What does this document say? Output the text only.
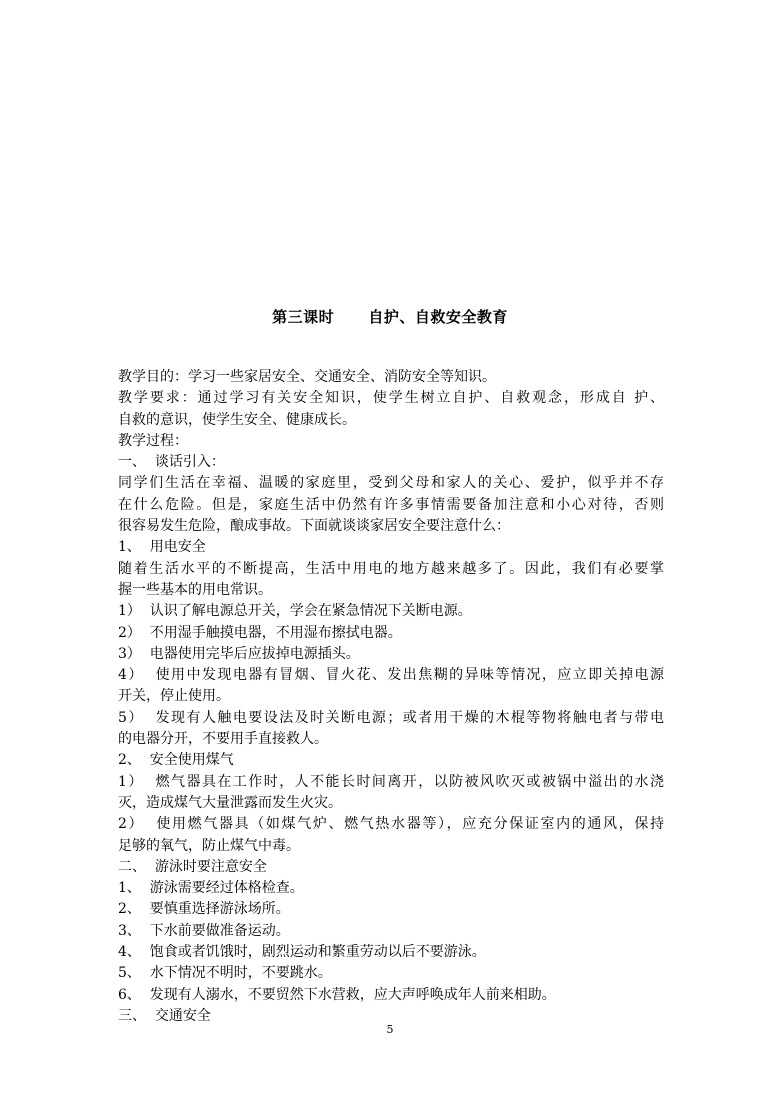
第三课时      自护、自救安全教育
教学目的：学习一些家居安全、交通安全、消防安全等知识。
教学要求：通过学习有关安全知识，使学生树立自护、自救观念，形成自 护、
自救的意识，使学生安全、健康成长。
教学过程：
一、  谈话引入：
同学们生活在幸福、温暖的家庭里，受到父母和家人的关心、爱护，似乎并不存
在什么危险。但是，家庭生活中仍然有许多事情需要备加注意和小心对待，否则
很容易发生危险，酿成事故。下面就谈谈家居安全要注意什么：
1、  用电安全
随着生活水平的不断提高，生活中用电的地方越来越多了。因此，我们有必要掌
握一些基本的用电常识。
1）  认识了解电源总开关，学会在紧急情况下关断电源。
2）  不用湿手触摸电器，不用湿布擦拭电器。
3）  电器使用完毕后应拔掉电源插头。
4）  使用中发现电器有冒烟、冒火花、发出焦糊的异味等情况，应立即关掉电源
开关，停止使用。
5）  发现有人触电要设法及时关断电源；或者用干燥的木棍等物将触电者与带电
的电器分开，不要用手直接救人。
2、  安全使用煤气
1）  燃气器具在工作时，人不能长时间离开，以防被风吹灭或被锅中溢出的水浇
灭，造成煤气大量泄露而发生火灾。
2）  使用燃气器具（如煤气炉、燃气热水器等），应充分保证室内的通风，保持
足够的氧气，防止煤气中毒。
二、  游泳时要注意安全
1、  游泳需要经过体格检查。
2、  要慎重选择游泳场所。
3、  下水前要做准备运动。
4、  饱食或者饥饿时，剧烈运动和繁重劳动以后不要游泳。
5、  水下情况不明时，不要跳水。
6、  发现有人溺水，不要贸然下水营救，应大声呼唤成年人前来相助。
三、  交通安全
5
